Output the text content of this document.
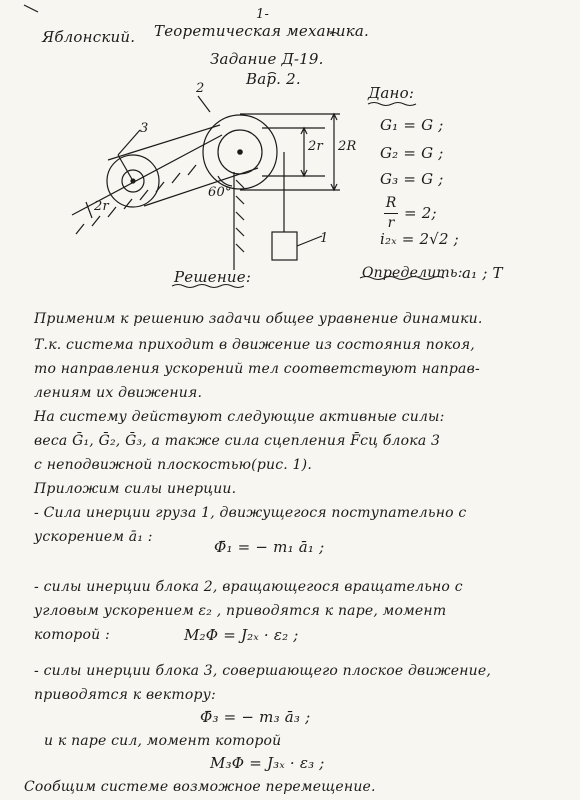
1-
Яблонский. Теоретическая механика.
Задание Д-19.
Вар. 2.
2
3
1
60°
2r
2r 2R
Дано:
G₁ = G ;
G₂ = G ;
G₃ = G ;
R
r
= 2;
i₂ₓ = 2√2 ;
Определить: a₁ ; T
Решение:
Применим к решению задачи общее уравнение динамики.
Т.к. система приходит в движение из состояния покоя,
то направления ускорений тел соответствуют направ-
лениям их движения.
На систему действуют следующие активные силы:
веса Ḡ₁, Ḡ₂, Ḡ₃, а также сила сцепления F̄сц блока 3
с неподвижной плоскостью(рис. 1).
Приложим силы инерции.
- Сила инерции груза 1, движущегося поступательно с
ускорением ā₁ :
Φ̄₁ = − m₁ ā₁ ;
- силы инерции блока 2, вращающегося вращательно с
угловым ускорением ε₂ , приводятся к паре, момент
которой :	M₂Φ = J₂ₓ · ε₂ ;
- силы инерции блока 3, совершающего плоское движение,
приводятся к вектору:
Φ̄₃ = − m₃ ā₃ ;
и к паре сил, момент которой
M₃Φ = J₃ₓ · ε₃ ;
Сообщим системе возможное перемещение.
